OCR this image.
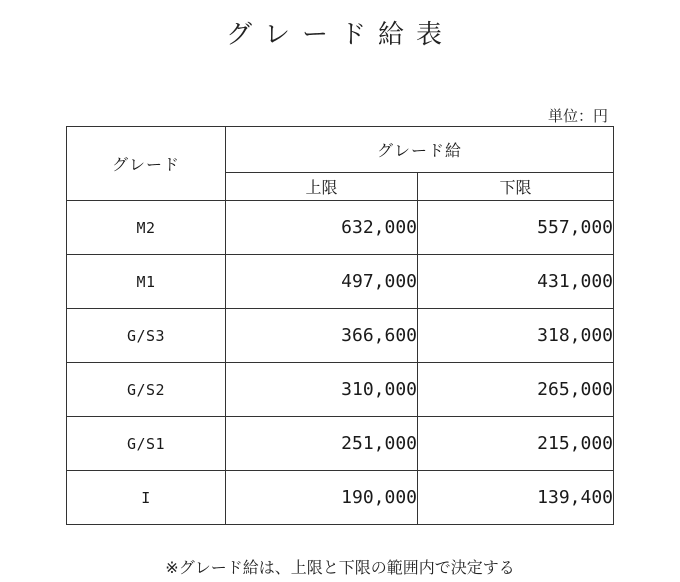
グレード給表
単位：円
グレード	グレード給	
	上限	下限
M2	632,000	557,000
M1	497,000	431,000
G/S3	366,600	318,000
G/S2	310,000	265,000
G/S1	251,000	215,000
I	190,000	139,400

※グレード給は、上限と下限の範囲内で決定する
